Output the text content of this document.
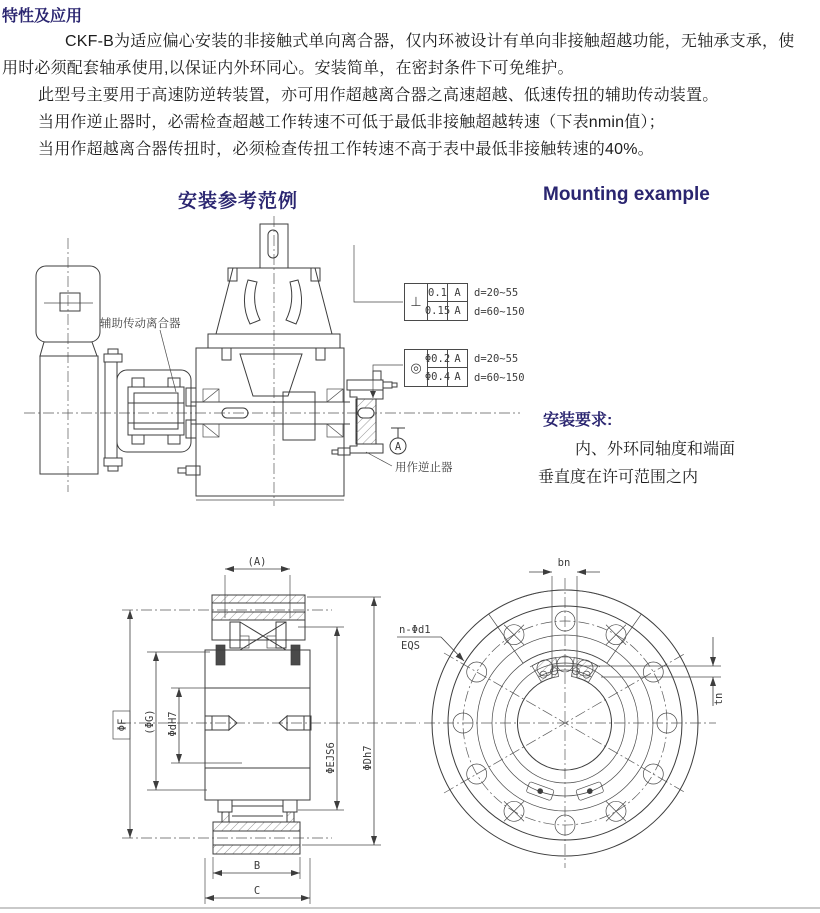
特性及应用
CKF-B为适应偏心安装的非接触式单向离合器，仅内环被设计有单向非接触超越功能，无轴承支承，使
用时必须配套轴承使用,以保证内外环同心。安装简单，在密封条件下可免维护。
此型号主要用于高速防逆转装置，亦可用作超越离合器之高速超越、低速传扭的辅助传动装置。
当用作逆止器时，必需检查超越工作转速不可低于最低非接触超越转速（下表nmin值）；
当用作超越离合器传扭时，必须检查传扭工作转速不高于表中最低非接触转速的40%。
安装参考范例	Mounting example
安装要求:
内、外环同轴度和端面
垂直度在许可范围之内
⊥
0.1 A
0.15 A
d=20~55
d=60~150
◎
Φ0.2 A
Φ0.4 A
d=20~55
d=60~150
辅助传动离合器
用作逆止器
A
(A)
ΦF (ΦG) ΦdH7
ΦEJS6 ΦDh7
B
C
bn
tn
n-Φd1
EQS
